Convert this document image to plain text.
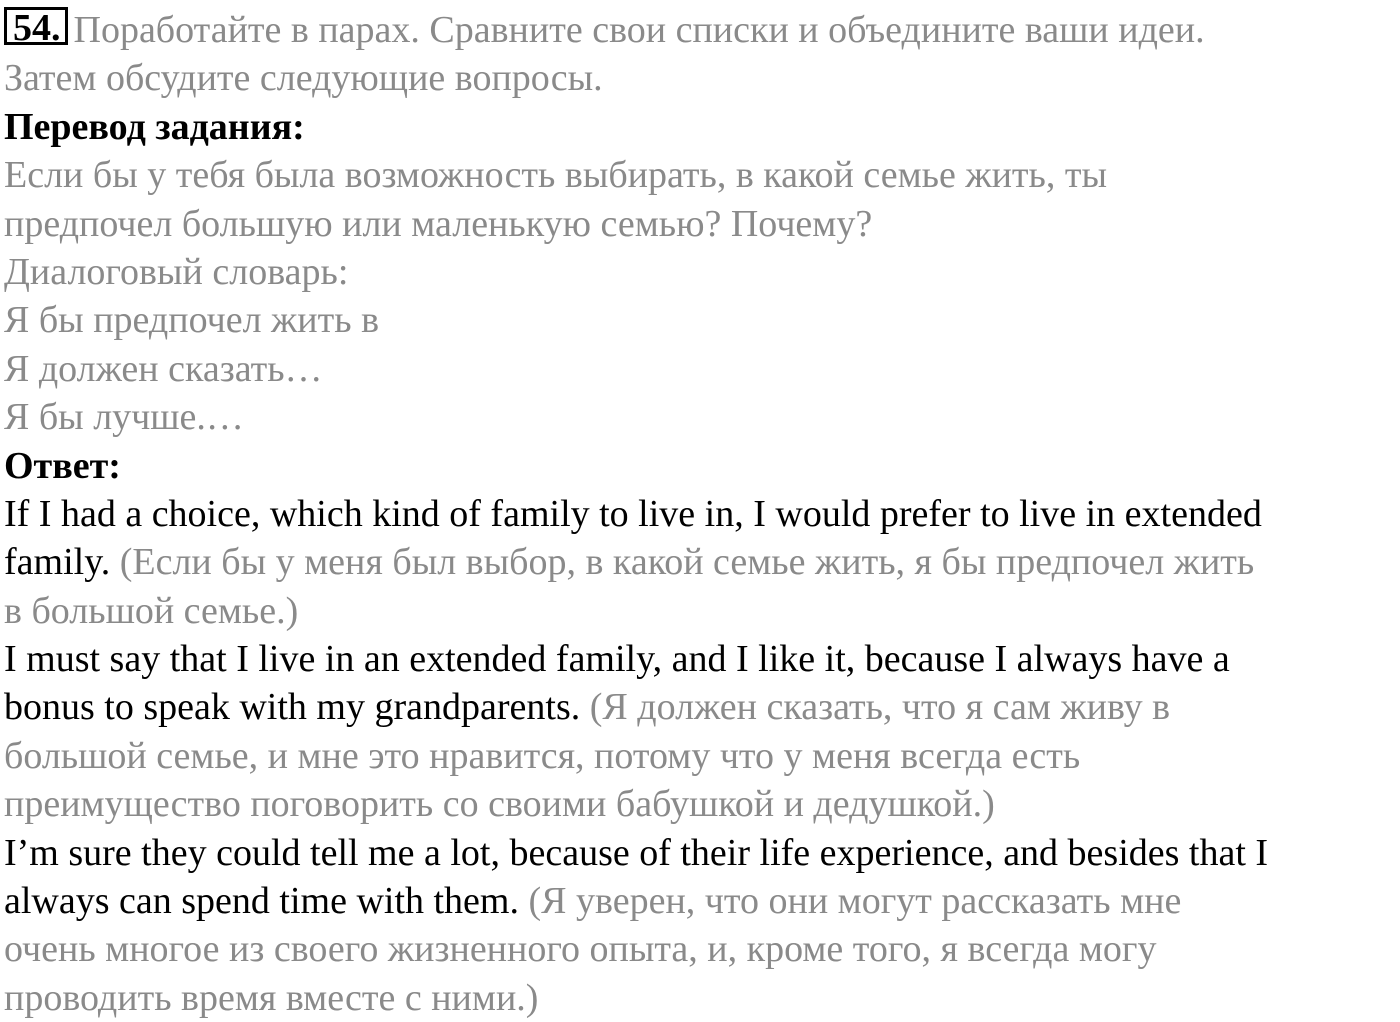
54. Поработайте в парах. Сравните свои списки и объедините ваши идеи.
Затем обсудите следующие вопросы.
Перевод задания:
Если бы у тебя была возможность выбирать, в какой семье жить, ты
предпочел большую или маленькую семью? Почему?
Диалоговый словарь:
Я бы предпочел жить в
Я должен сказать…
Я бы лучше.…
Ответ:
If I had a choice, which kind of family to live in, I would prefer to live in extended
family. (Если бы у меня был выбор, в какой семье жить, я бы предпочел жить
в большой семье.)
I must say that I live in an extended family, and I like it, because I always have a
bonus to speak with my grandparents. (Я должен сказать, что я сам живу в
большой семье, и мне это нравится, потому что у меня всегда есть
преимущество поговорить со своими бабушкой и дедушкой.)
I’m sure they could tell me a lot, because of their life experience, and besides that I
always can spend time with them. (Я уверен, что они могут рассказать мне
очень многое из своего жизненного опыта, и, кроме того, я всегда могу
проводить время вместе с ними.)
